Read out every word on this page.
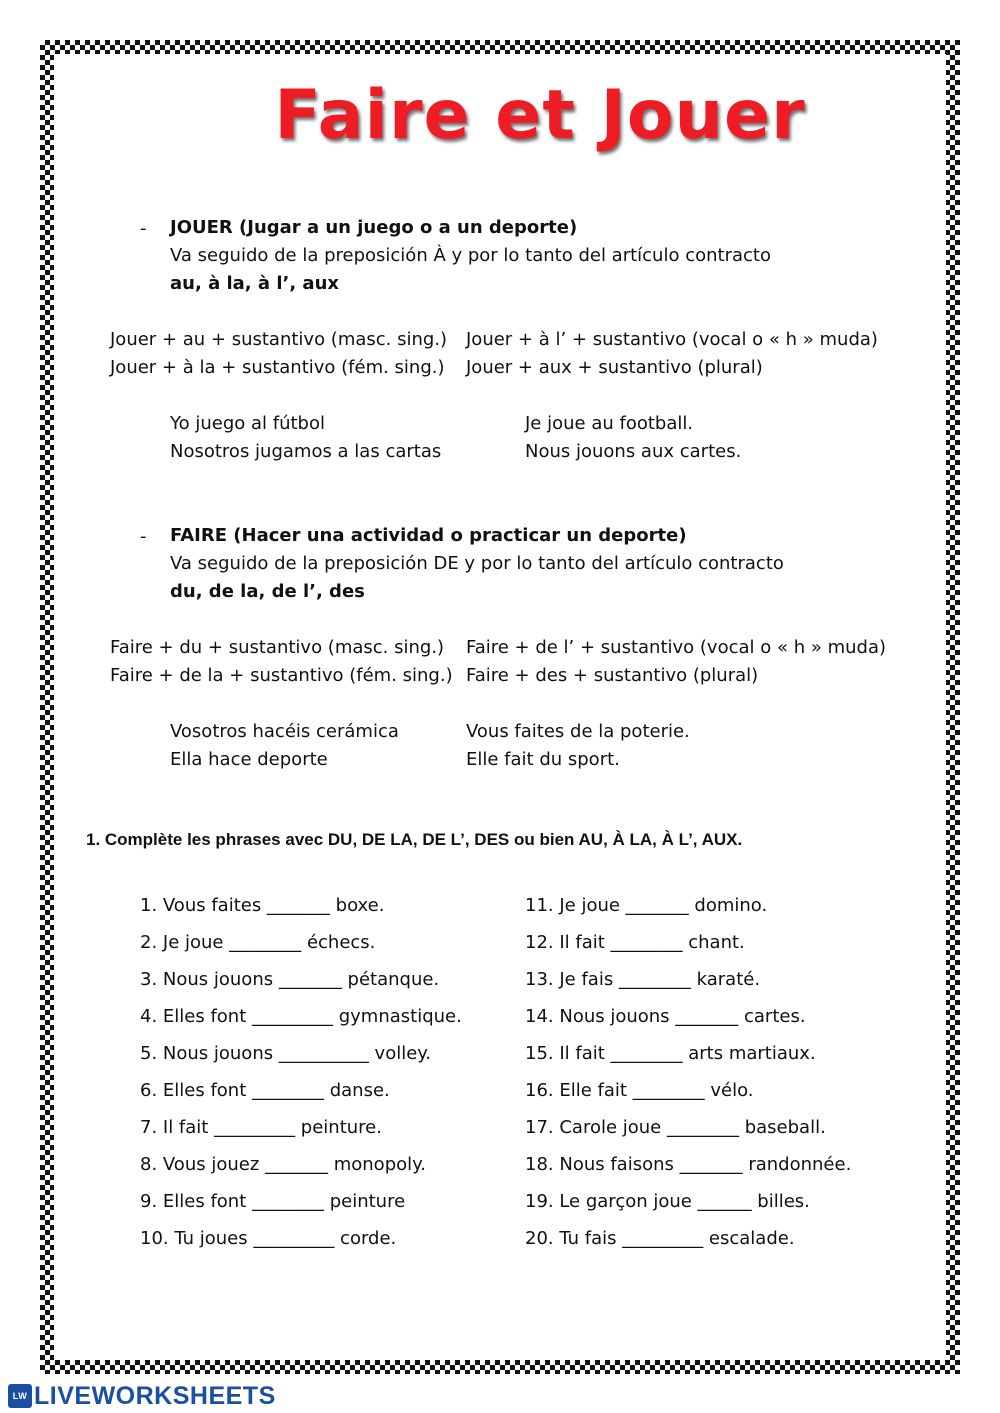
Faire et Jouer
- JOUER (Jugar a un juego o a un deporte)
Va seguido de la preposición À y por lo tanto del artículo contracto
au, à la, à l’, aux
Jouer + au + sustantivo (masc. sing.) Jouer + à l’ + sustantivo (vocal o « h » muda)
Jouer + à la + sustantivo (fém. sing.) Jouer + aux + sustantivo (plural)
Yo juego al fútbol	Je joue au football.
Nosotros jugamos a las cartas	Nous jouons aux cartes.
- FAIRE (Hacer una actividad o practicar un deporte)
Va seguido de la preposición DE y por lo tanto del artículo contracto
du, de la, de l’, des
Faire + du + sustantivo (masc. sing.) Faire + de l’ + sustantivo (vocal o « h » muda)
Faire + de la + sustantivo (fém. sing.) Faire + des + sustantivo (plural)
Vosotros hacéis cerámica	Vous faites de la poterie.
Ella hace deporte	Elle fait du sport.
1. Complète les phrases avec DU, DE LA, DE L’, DES ou bien AU, À LA, À L’, AUX.
1. Vous faites _______ boxe.
2. Je joue ________ échecs.
3. Nous jouons _______ pétanque.
4. Elles font _________ gymnastique.
5. Nous jouons __________ volley.
6. Elles font ________ danse.
7. Il fait _________ peinture.
8. Vous jouez _______ monopoly.
9. Elles font ________ peinture
10. Tu joues _________ corde.
11. Je joue _______ domino.
12. Il fait ________ chant.
13. Je fais ________ karaté.
14. Nous jouons _______ cartes.
15. Il fait ________ arts martiaux.
16. Elle fait ________ vélo.
17. Carole joue ________ baseball.
18. Nous faisons _______ randonnée.
19. Le garçon joue ______ billes.
20. Tu fais _________ escalade.
LW LIVEWORKSHEETS
